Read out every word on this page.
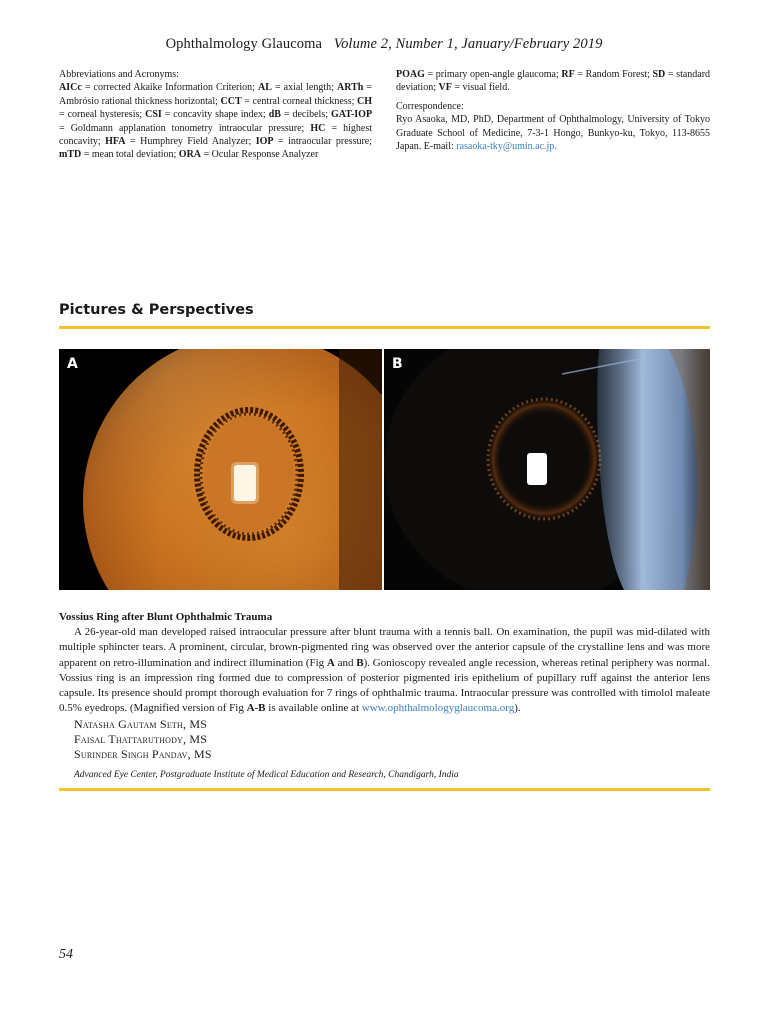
Ophthalmology Glaucoma Volume 2, Number 1, January/February 2019
Abbreviations and Acronyms:
AICc = corrected Akaike Information Criterion; AL = axial length; ARTh = Ambrósio rational thickness horizontal; CCT = central corneal thickness; CH = corneal hysteresis; CSI = concavity shape index; dB = decibels; GAT-IOP = Goldmann applanation tonometry intraocular pressure; HC = highest concavity; HFA = Humphrey Field Analyzer; IOP = intraocular pressure; mTD = mean total deviation; ORA = Ocular Response Analyzer
POAG = primary open-angle glaucoma; RF = Random Forest; SD = standard deviation; VF = visual field.
Correspondence:
Ryo Asaoka, MD, PhD, Department of Ophthalmology, University of Tokyo Graduate School of Medicine, 7-3-1 Hongo, Bunkyo-ku, Tokyo, 113-8655 Japan. E-mail: rasaoka-tky@umin.ac.jp.
Pictures & Perspectives
A	B
Vossius Ring after Blunt Ophthalmic Trauma
A 26-year-old man developed raised intraocular pressure after blunt trauma with a tennis ball. On examination, the pupil was mid-dilated with multiple sphincter tears. A prominent, circular, brown-pigmented ring was observed over the anterior capsule of the crystalline lens and was more apparent on retro-illumination and indirect illumination (Fig A and B). Gonioscopy revealed angle recession, whereas retinal periphery was normal. Vossius ring is an impression ring formed due to compression of posterior pigmented iris epithelium of pupillary ruff against the anterior lens capsule. Its presence should prompt thorough evaluation for 7 rings of ophthalmic trauma. Intraocular pressure was controlled with timolol maleate 0.5% eyedrops. (Magnified version of Fig A-B is available online at www.ophthalmologyglaucoma.org).
Natasha Gautam Seth, MS
Faisal Thattaruthody, MS
Surinder Singh Pandav, MS
Advanced Eye Center, Postgraduate Institute of Medical Education and Research, Chandigarh, India
54
